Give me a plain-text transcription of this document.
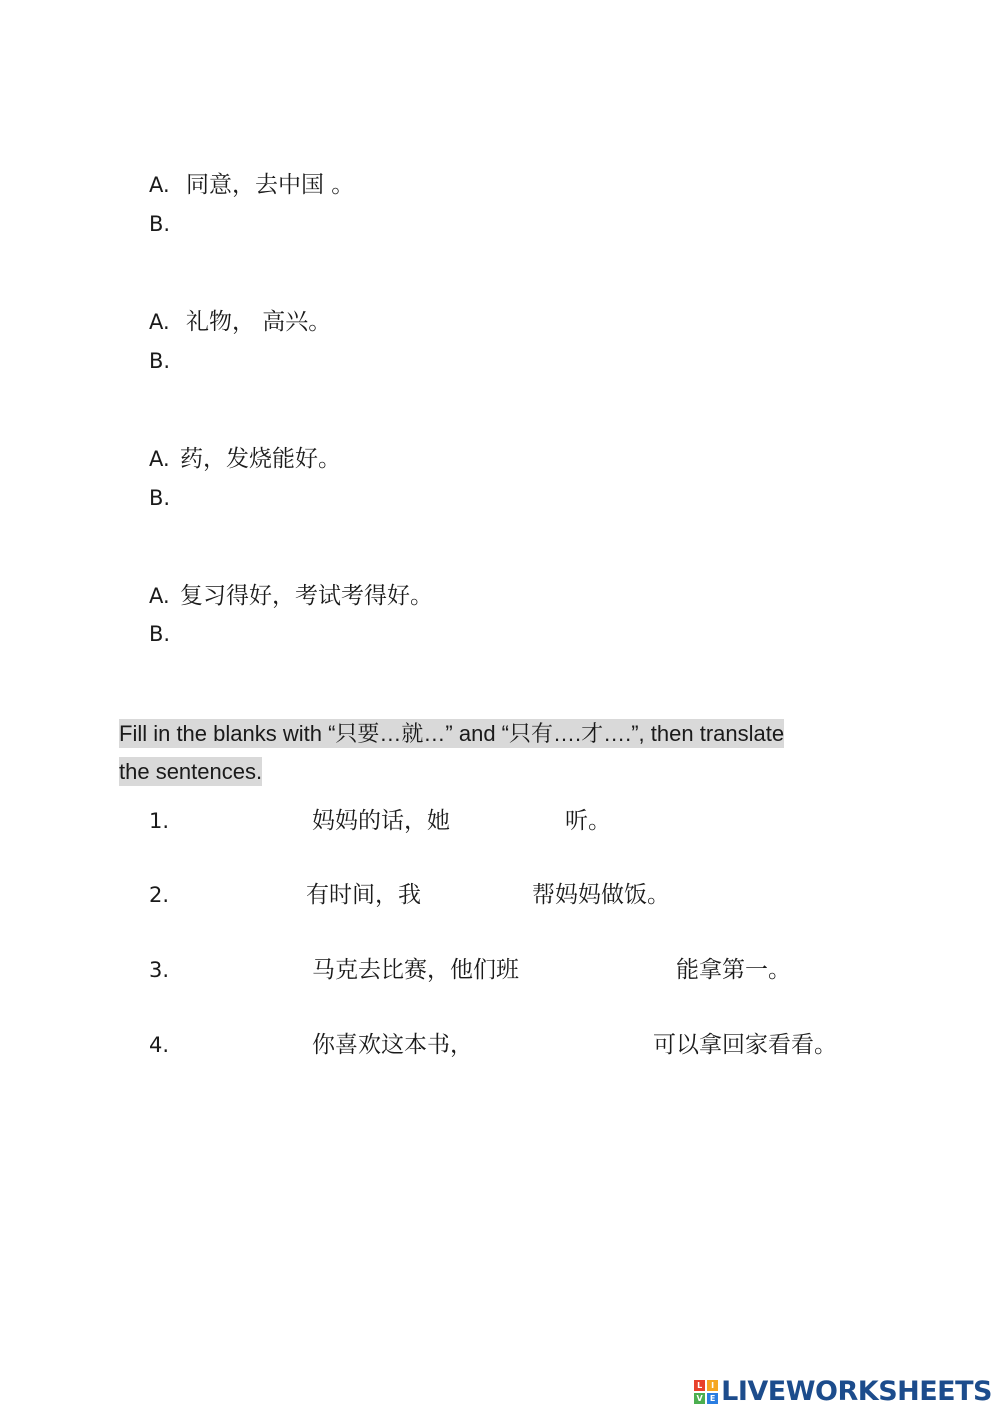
A. 同意，去中国 。
B.
A. 礼物， 高兴。
B.
A. 药，发烧能好。
B.
A. 复习得好，考试考得好。
B.
Fill in the blanks with “只要…就…” and “只有….才….”, then translate
the sentences.
1.	妈妈的话，她	听。
2.	有时间，我	帮妈妈做饭。
3.	马克去比赛，他们班	能拿第一。
4.	你喜欢这本书，	可以拿回家看看。
L	I
V E LIVEWORKSHEETS
